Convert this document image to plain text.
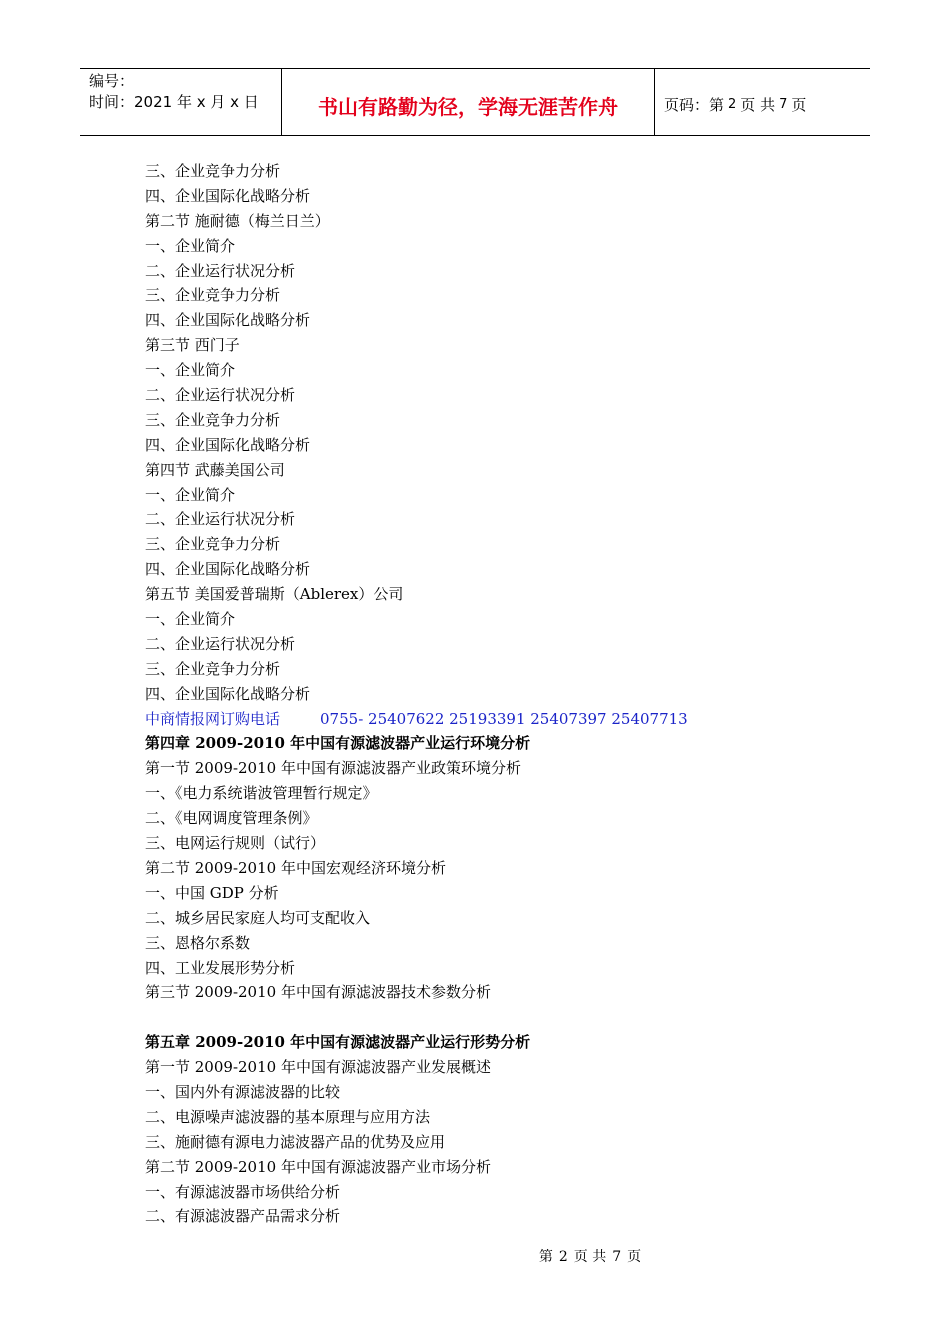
编号：
时间：2021 年 x 月 x 日	书山有路勤为径，学海无涯苦作舟	页码：第 2 页 共 7 页
三、企业竞争力分析
四、企业国际化战略分析
第二节 施耐德（梅兰日兰）
一、企业简介
二、企业运行状况分析
三、企业竞争力分析
四、企业国际化战略分析
第三节 西门子
一、企业简介
二、企业运行状况分析
三、企业竞争力分析
四、企业国际化战略分析
第四节 武藤美国公司
一、企业简介
二、企业运行状况分析
三、企业竞争力分析
四、企业国际化战略分析
第五节 美国爱普瑞斯（Ablerex）公司
一、企业简介
二、企业运行状况分析
三、企业竞争力分析
四、企业国际化战略分析
中商情报网订购电话	0755- 25407622 25193391 25407397 25407713
第四章 2009-2010 年中国有源滤波器产业运行环境分析
第一节 2009-2010 年中国有源滤波器产业政策环境分析
一、《电力系统谐波管理暂行规定》
二、《电网调度管理条例》
三、电网运行规则（试行）
第二节 2009-2010 年中国宏观经济环境分析
一、中国 GDP 分析
二、城乡居民家庭人均可支配收入
三、恩格尔系数
四、工业发展形势分析
第三节 2009-2010 年中国有源滤波器技术参数分析
第五章 2009-2010 年中国有源滤波器产业运行形势分析
第一节 2009-2010 年中国有源滤波器产业发展概述
一、国内外有源滤波器的比较
二、电源噪声滤波器的基本原理与应用方法
三、施耐德有源电力滤波器产品的优势及应用
第二节 2009-2010 年中国有源滤波器产业市场分析
一、有源滤波器市场供给分析
二、有源滤波器产品需求分析
第 2 页 共 7 页
